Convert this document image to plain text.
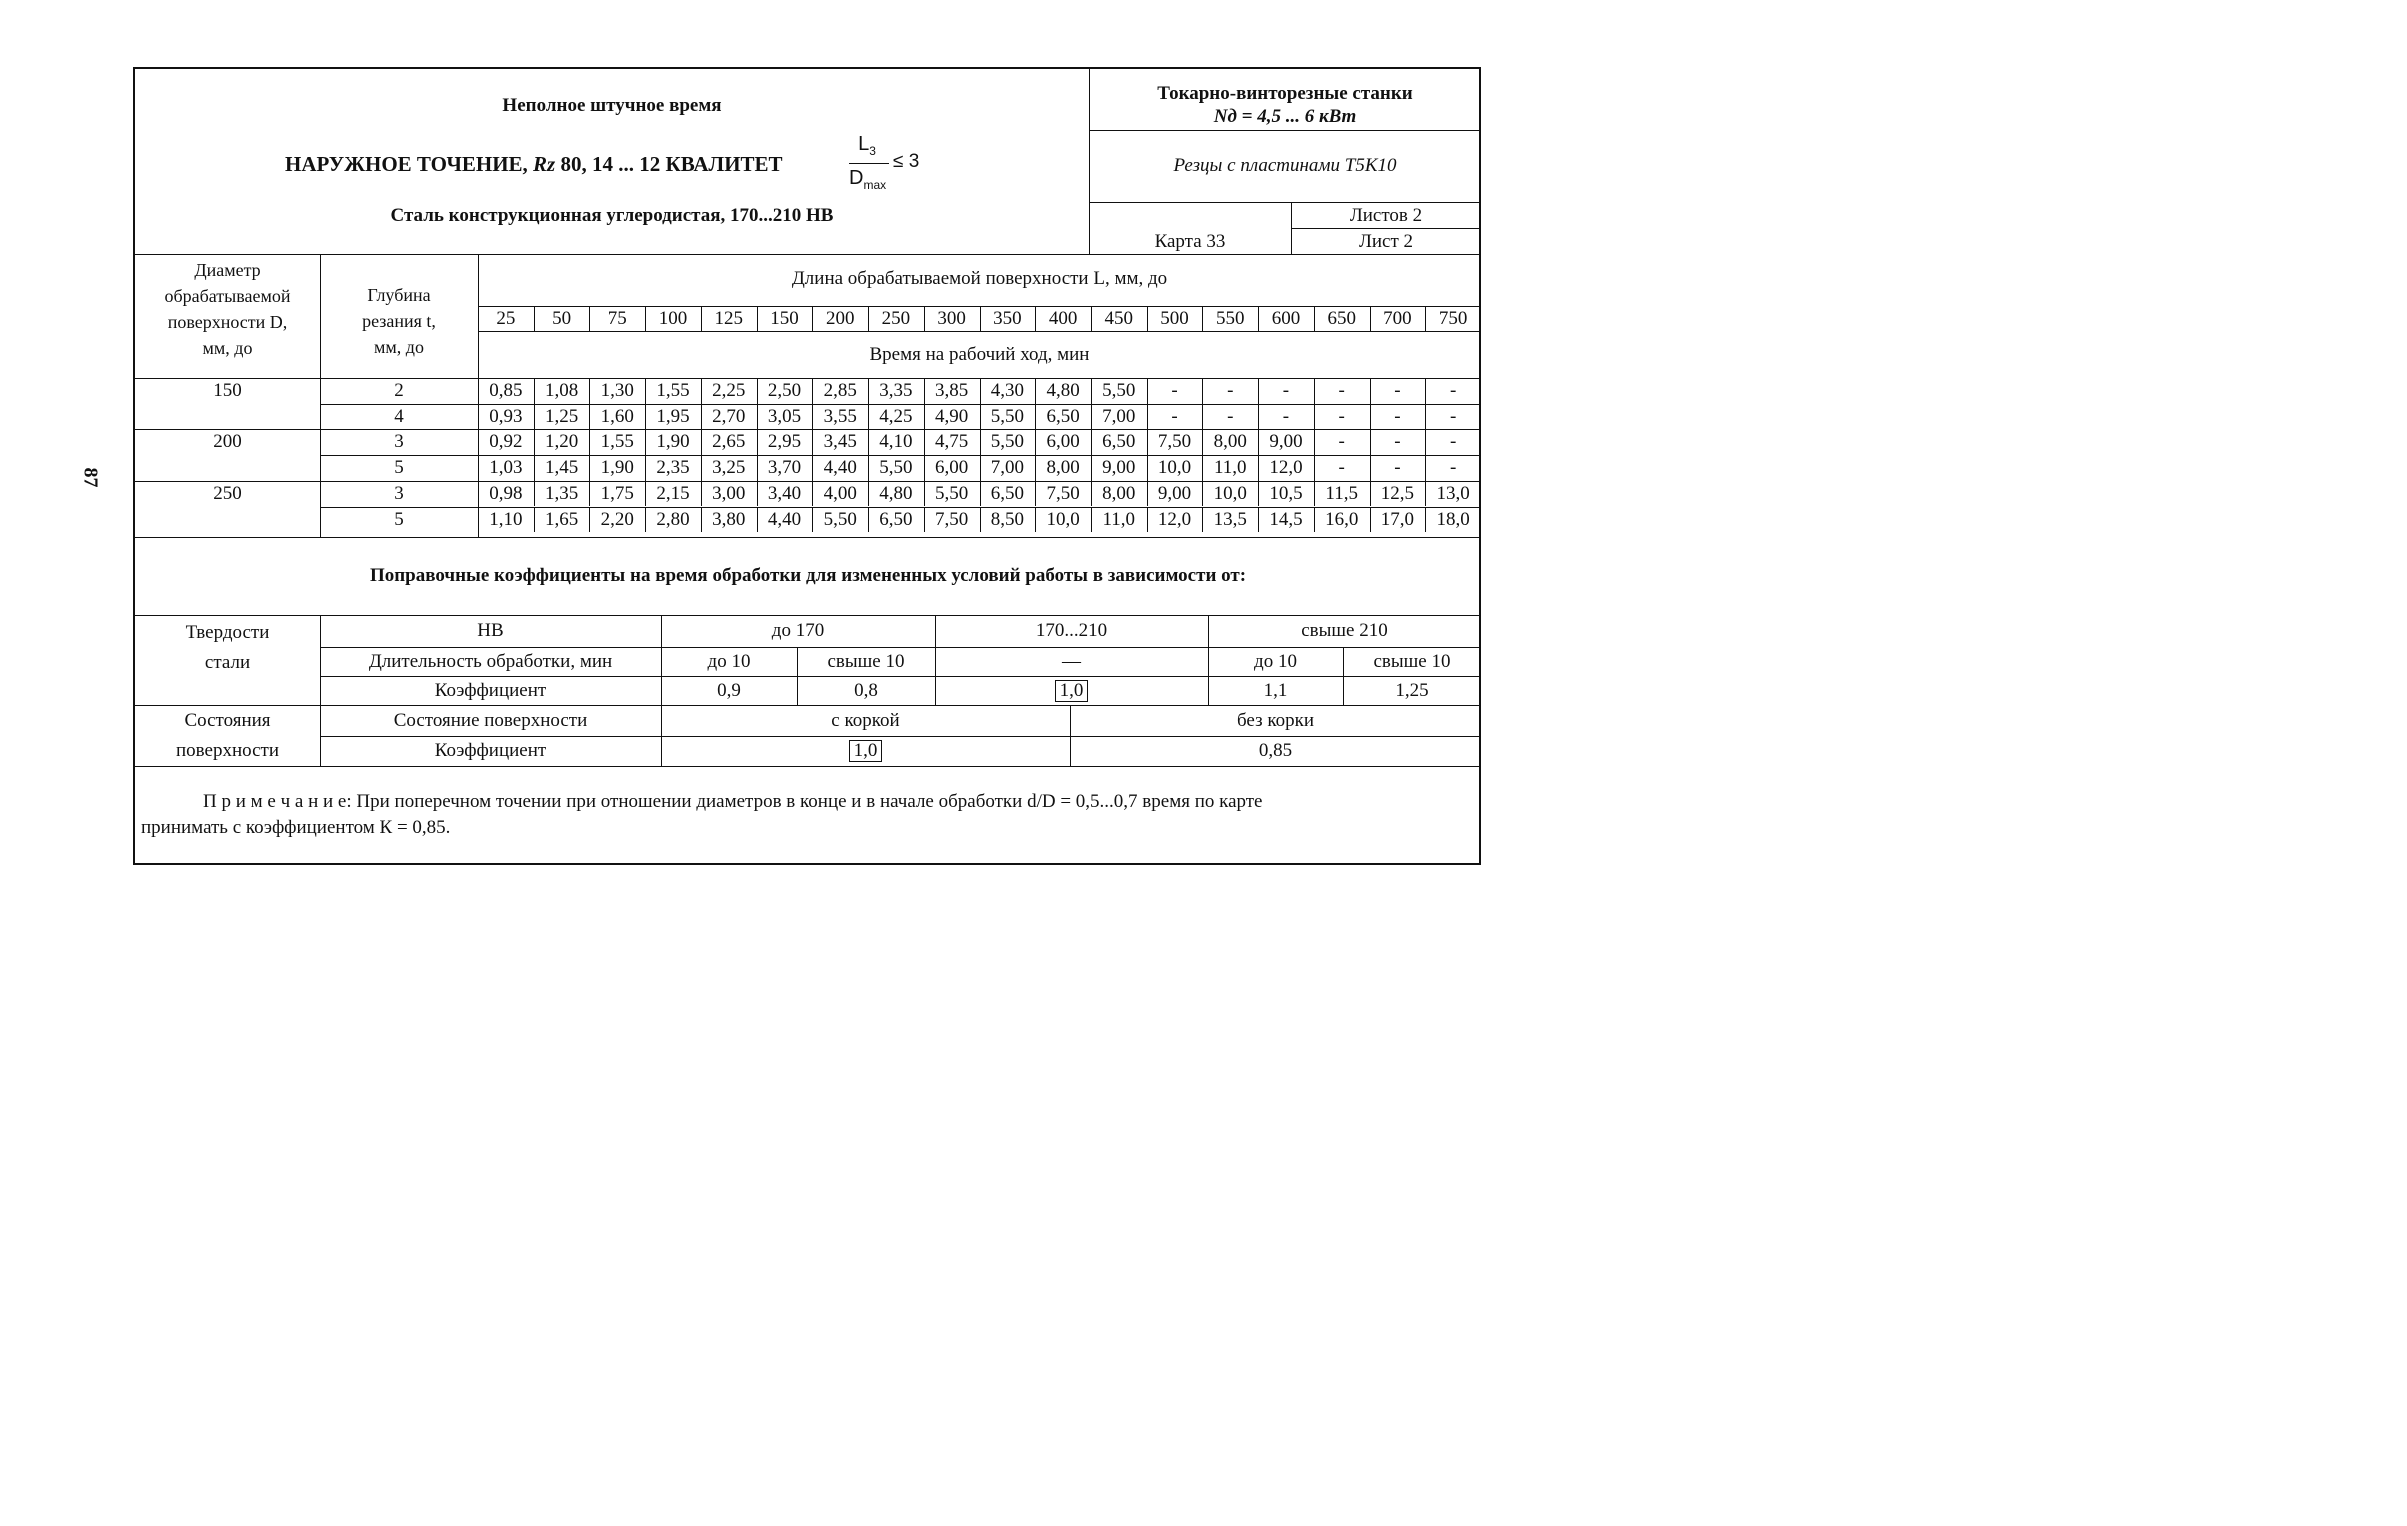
87
Неполное штучное время
НАРУЖНОЕ ТОЧЕНИЕ, Rz 80, 14 ... 12 КВАЛИТЕТ
$L_3$
$D_{max}$
≤ 3
Сталь конструкционная углеродистая, 170...210 НВ
Токарно-винторезные станки
Nд = 4,5 ... 6 кВт
Резцы с пластинами Т5К10
Листов 2
Карта 33	Лист 2
Диаметр
обрабатываемой
поверхности D,
мм, до
Глубина
резания t,
мм, до
Длина обрабатываемой поверхности L, мм, до
25	50	75	100	125	150	200	250	300	350	400	450	500	550	600	650	700	750
Время на рабочий ход, мин
150	2	0,85	1,08	1,30	1,55	2,25	2,50	2,85	3,35	3,85	4,30	4,80	5,50	-	-	-	-	-	-
4	0,93	1,25	1,60	1,95	2,70	3,05	3,55	4,25	4,90	5,50	6,50	7,00	-	-	-	-	-	-
200	3	0,92	1,20	1,55	1,90	2,65	2,95	3,45	4,10	4,75	5,50	6,00	6,50	7,50	8,00	9,00	-	-	-
5	1,03	1,45	1,90	2,35	3,25	3,70	4,40	5,50	6,00	7,00	8,00	9,00	10,0	11,0	12,0	-	-	-
250	3	0,98	1,35	1,75	2,15	3,00	3,40	4,00	4,80	5,50	6,50	7,50	8,00	9,00	10,0	10,5	11,5	12,5	13,0
5	1,10	1,65	2,20	2,80	3,80	4,40	5,50	6,50	7,50	8,50	10,0	11,0	12,0	13,5	14,5	16,0	17,0	18,0
Поправочные коэффициенты на время обработки для измененных условий работы в зависимости от:
Твердости
стали
НВ	до 170	170...210	свыше 210
Длительность обработки, мин	до 10	свыше 10	—	до 10	свыше 10
Коэффициент	0,9	0,8	1,0	1,1	1,25
Состояния
поверхности
Состояние поверхности	с коркой	без корки
Коэффициент	1,0	0,85
П р и м е ч а н и е: При поперечном точении при отношении диаметров в конце и в начале обработки d/D = 0,5...0,7 время по карте
принимать с коэффициентом К = 0,85.
